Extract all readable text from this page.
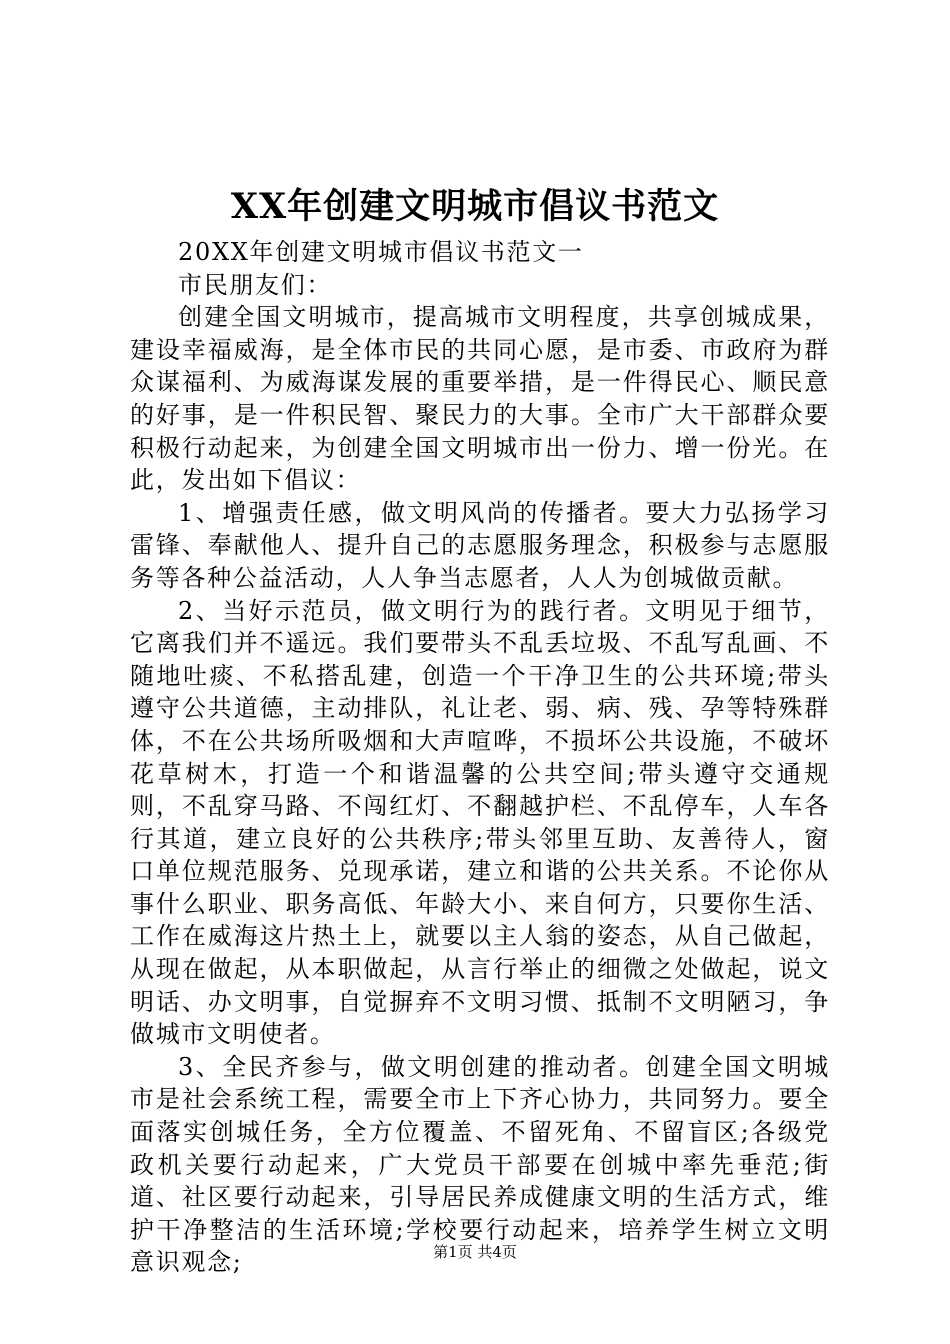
XX年创建文明城市倡议书范文

20XX年创建文明城市倡议书范文一

市民朋友们：

创建全国文明城市，提高城市文明程度，共享创城成果，建设幸福威海，是全体市民的共同心愿，是市委、市政府为群众谋福利、为威海谋发展的重要举措，是一件得民心、顺民意的好事，是一件积民智、聚民力的大事。全市广大干部群众要积极行动起来，为创建全国文明城市出一份力、增一份光。在此，发出如下倡议：

1、增强责任感，做文明风尚的传播者。要大力弘扬学习雷锋、奉献他人、提升自己的志愿服务理念，积极参与志愿服务等各种公益活动，人人争当志愿者，人人为创城做贡献。

2、当好示范员，做文明行为的践行者。文明见于细节，它离我们并不遥远。我们要带头不乱丢垃圾、不乱写乱画、不随地吐痰、不私搭乱建，创造一个干净卫生的公共环境;带头遵守公共道德，主动排队，礼让老、弱、病、残、孕等特殊群体，不在公共场所吸烟和大声喧哗，不损坏公共设施，不破坏花草树木，打造一个和谐温馨的公共空间;带头遵守交通规则，不乱穿马路、不闯红灯、不翻越护栏、不乱停车，人车各行其道，建立良好的公共秩序;带头邻里互助、友善待人，窗口单位规范服务、兑现承诺，建立和谐的公共关系。不论你从事什么职业、职务高低、年龄大小、来自何方，只要你生活、工作在威海这片热土上，就要以主人翁的姿态，从自己做起，从现在做起，从本职做起，从言行举止的细微之处做起，说文明话、办文明事，自觉摒弃不文明习惯、抵制不文明陋习，争做城市文明使者。

3、全民齐参与，做文明创建的推动者。创建全国文明城市是社会系统工程，需要全市上下齐心协力，共同努力。要全面落实创城任务，全方位覆盖、不留死角、不留盲区;各级党政机关要行动起来，广大党员干部要在创城中率先垂范;街道、社区要行动起来，引导居民养成健康文明的生活方式，维护干净整洁的生活环境;学校要行动起来，培养学生树立文明意识观念;	第1页 共4页
